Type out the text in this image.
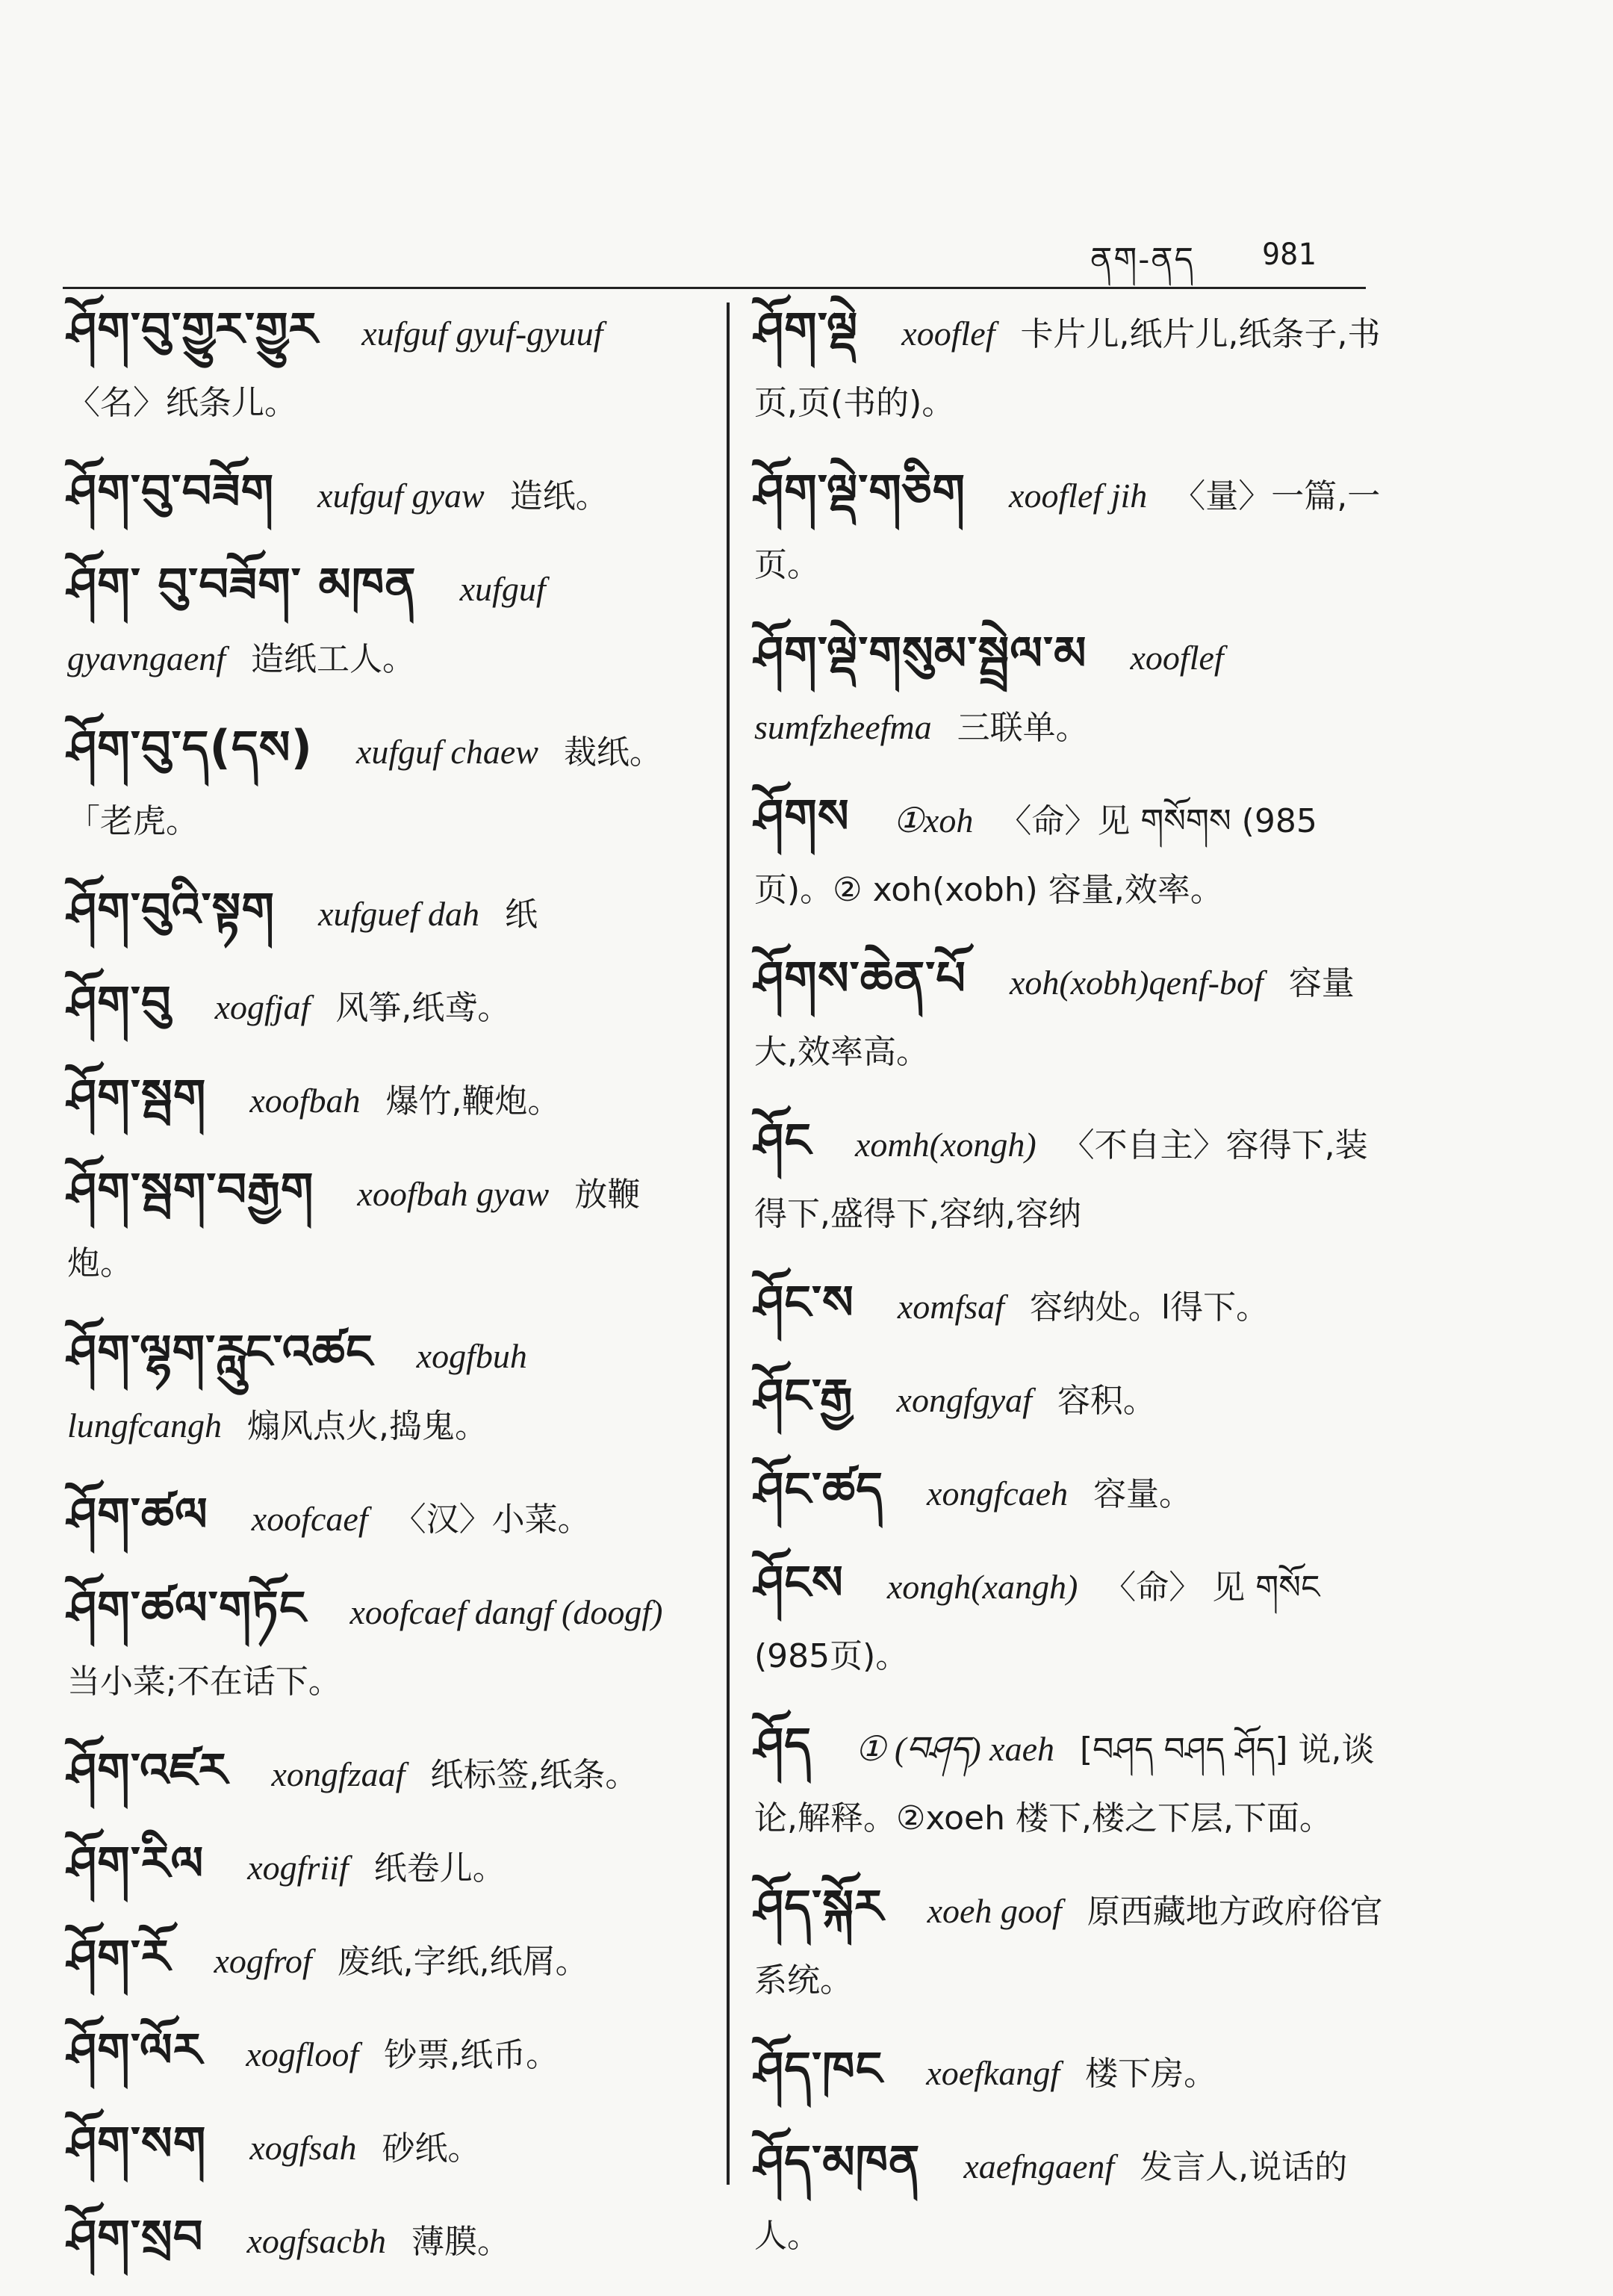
ནག-ནད 981
ཤོག་བུ་གྱུར་གྱུར xufguf gyuf-gyuuf 〈名〉纸条儿。
ཤོག་བུ་བཟོག xufguf gyaw 造纸。
ཤོག་ བུ་བཟོག་ མཁན xufguf gyavngaenf 造纸工人。
ཤོག་བུ་ད(དས) xufguf chaew 裁纸。　「老虎。
ཤོག་བུའི་སྟག xufguef dah 纸
ཤོག་བུ xogfjaf 风筝,纸鸢。
ཤོག་སྦག xoofbah 爆竹,鞭炮。
ཤོག་སྦག་བརྒྱག xoofbah gyaw 放鞭炮。
ཤོག་ལྷག་རླུང་འཚང xogfbuh lungfcangh 煽风点火,捣鬼。
ཤོག་ཚལ xoofcaef 〈汉〉小菜。
ཤོག་ཚལ་གཏོང xoofcaef dangf (doogf) 当小菜;不在话下。
ཤོག་འཛར xongfzaaf 纸标签,纸条。
ཤོག་རིལ xogfriif 纸卷儿。
ཤོག་རོ xogfrof 废纸,字纸,纸屑。
ཤོག་ལོར xogfloof 钞票,纸币。
ཤོག་སག xogfsah 砂纸。
ཤོག་སྲབ xogfsacbh 薄膜。
ཤོག་ལྡེ xooflef 卡片儿,纸片儿,纸条子,书页,页(书的)。
ཤོག་ལྡེ་གཅིག xooflef jih 〈量〉一篇,一页。
ཤོག་ལྡེ་གསུམ་སྦྲེལ་མ xooflef sumfzheefma 三联单。
ཤོགས ①xoh 〈命〉见 གསོགས (985页)。② xoh(xobh) 容量,效率。
ཤོགས་ཆེན་པོ xoh(xobh)qenf-bof 容量大,效率高。
ཤོང xomh(xongh) 〈不自主〉容得下,装得下,盛得下,容纳,容纳
ཤོང་ས xomfsaf 容纳处。l得下。
ཤོང་རྒྱ xongfgyaf 容积。
ཤོང་ཚད xongfcaeh 容量。
ཤོངས xongh(xangh) 〈命〉 见 གསོང (985页)。
ཤོད ① (བཤད) xaeh [བཤད བཤད ཤོད] 说,谈论,解释。②xoeh 楼下,楼之下层,下面。
ཤོད་སྐོར xoeh goof 原西藏地方政府俗官系统。
ཤོད་ཁང xoefkangf 楼下房。
ཤོད་མཁན xaefngaenf 发言人,说话的人。
